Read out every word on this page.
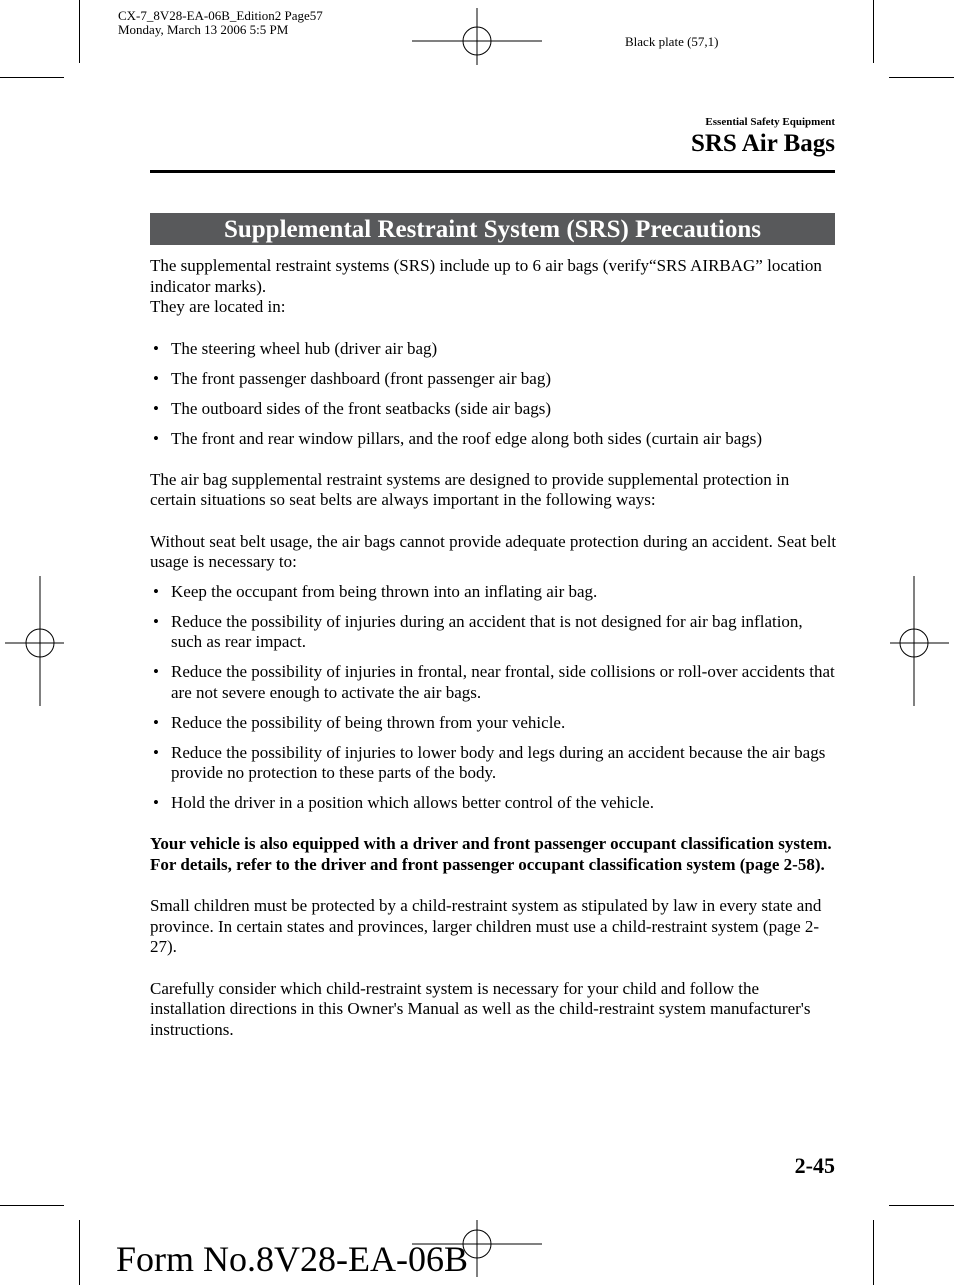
CX-7_8V28-EA-06B_Edition2 Page57
Monday, March 13 2006 5:5 PM
Black plate (57,1)
Essential Safety Equipment
SRS Air Bags
Supplemental Restraint System (SRS) Precautions

The supplemental restraint systems (SRS) include up to 6 air bags (verify“SRS AIRBAG” location indicator marks).

They are located in:

• The steering wheel hub (driver air bag)
• The front passenger dashboard (front passenger air bag)
• The outboard sides of the front seatbacks (side air bags)
• The front and rear window pillars, and the roof edge along both sides (curtain air bags)

The air bag supplemental restraint systems are designed to provide supplemental protection in certain situations so seat belts are always important in the following ways:

Without seat belt usage, the air bags cannot provide adequate protection during an accident. Seat belt usage is necessary to:

• Keep the occupant from being thrown into an inflating air bag.
• Reduce the possibility of injuries during an accident that is not designed for air bag inflation, such as rear impact.
• Reduce the possibility of injuries in frontal, near frontal, side collisions or roll-over accidents that are not severe enough to activate the air bags.
• Reduce the possibility of being thrown from your vehicle.
• Reduce the possibility of injuries to lower body and legs during an accident because the air bags provide no protection to these parts of the body.
• Hold the driver in a position which allows better control of the vehicle.

Your vehicle is also equipped with a driver and front passenger occupant classification system. For details, refer to the driver and front passenger occupant classification system (page 2-58).

Small children must be protected by a child-restraint system as stipulated by law in every state and province. In certain states and provinces, larger children must use a child-restraint system (page 2-27).

Carefully consider which child-restraint system is necessary for your child and follow the installation directions in this Owner's Manual as well as the child-restraint system manufacturer's instructions.

2-45
Form No.8V28-EA-06B
